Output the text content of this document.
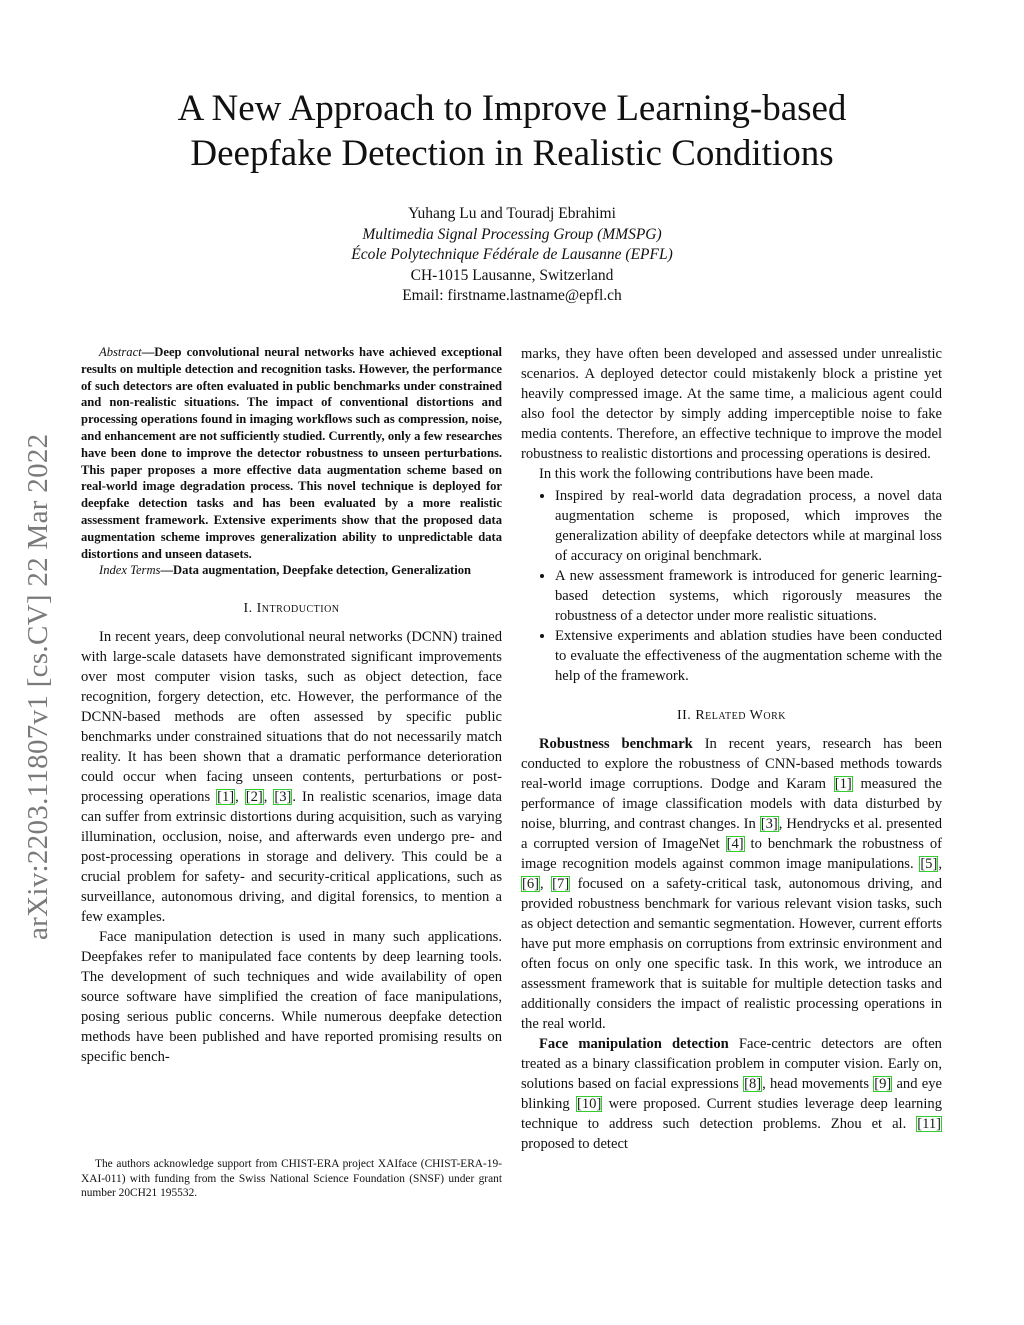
A New Approach to Improve Learning-based
Deepfake Detection in Realistic Conditions
Yuhang Lu and Touradj Ebrahimi
Multimedia Signal Processing Group (MMSPG)
École Polytechnique Fédérale de Lausanne (EPFL)
CH-1015 Lausanne, Switzerland
Email: firstname.lastname@epfl.ch
arXiv:2203.11807v1 [cs.CV] 22 Mar 2022

Abstract—Deep convolutional neural networks have achieved exceptional results on multiple detection and recognition tasks. However, the performance of such detectors are often evaluated in public benchmarks under constrained and non-realistic situations. The impact of conventional distortions and processing operations found in imaging workflows such as compression, noise, and enhancement are not sufficiently studied. Currently, only a few researches have been done to improve the detector robustness to unseen perturbations. This paper proposes a more effective data augmentation scheme based on real-world image degradation process. This novel technique is deployed for deepfake detection tasks and has been evaluated by a more realistic assessment framework. Extensive experiments show that the proposed data augmentation scheme improves generalization ability to unpredictable data distortions and unseen datasets.

Index Terms—Data augmentation, Deepfake detection, Generalization

I. Introduction

In recent years, deep convolutional neural networks (DCNN) trained with large-scale datasets have demonstrated significant improvements over most computer vision tasks, such as object detection, face recognition, forgery detection, etc. However, the performance of the DCNN-based methods are often assessed by specific public benchmarks under constrained situations that do not necessarily match reality. It has been shown that a dramatic performance deterioration could occur when facing unseen contents, perturbations or post-processing operations [1], [2], [3]. In realistic scenarios, image data can suffer from extrinsic distortions during acquisition, such as varying illumination, occlusion, noise, and afterwards even undergo pre- and post-processing operations in storage and delivery. This could be a crucial problem for safety- and security-critical applications, such as surveillance, autonomous driving, and digital forensics, to mention a few examples.

Face manipulation detection is used in many such applications. Deepfakes refer to manipulated face contents by deep learning tools. The development of such techniques and wide availability of open source software have simplified the creation of face manipulations, posing serious public concerns. While numerous deepfake detection methods have been published and have reported promising results on specific bench-

The authors acknowledge support from CHIST-ERA project XAIface (CHIST-ERA-19-XAI-011) with funding from the Swiss National Science Foundation (SNSF) under grant number 20CH21 195532.

marks, they have often been developed and assessed under unrealistic scenarios. A deployed detector could mistakenly block a pristine yet heavily compressed image. At the same time, a malicious agent could also fool the detector by simply adding imperceptible noise to fake media contents. Therefore, an effective technique to improve the model robustness to realistic distortions and processing operations is desired.

In this work the following contributions have been made.

• Inspired by real-world data degradation process, a novel data augmentation scheme is proposed, which improves the generalization ability of deepfake detectors while at marginal loss of accuracy on original benchmark.
• A new assessment framework is introduced for generic learning-based detection systems, which rigorously measures the robustness of a detector under more realistic situations.
• Extensive experiments and ablation studies have been conducted to evaluate the effectiveness of the augmentation scheme with the help of the framework.

II. Related Work

Robustness benchmark In recent years, research has been conducted to explore the robustness of CNN-based methods towards real-world image corruptions. Dodge and Karam [1] measured the performance of image classification models with data disturbed by noise, blurring, and contrast changes. In [3], Hendrycks et al. presented a corrupted version of ImageNet [4] to benchmark the robustness of image recognition models against common image manipulations. [5], [6], [7] focused on a safety-critical task, autonomous driving, and provided robustness benchmark for various relevant vision tasks, such as object detection and semantic segmentation. However, current efforts have put more emphasis on corruptions from extrinsic environment and often focus on only one specific task. In this work, we introduce an assessment framework that is suitable for multiple detection tasks and additionally considers the impact of realistic processing operations in the real world.

Face manipulation detection Face-centric detectors are often treated as a binary classification problem in computer vision. Early on, solutions based on facial expressions [8], head movements [9] and eye blinking [10] were proposed. Current studies leverage deep learning technique to address such detection problems. Zhou et al. [11] proposed to detect
